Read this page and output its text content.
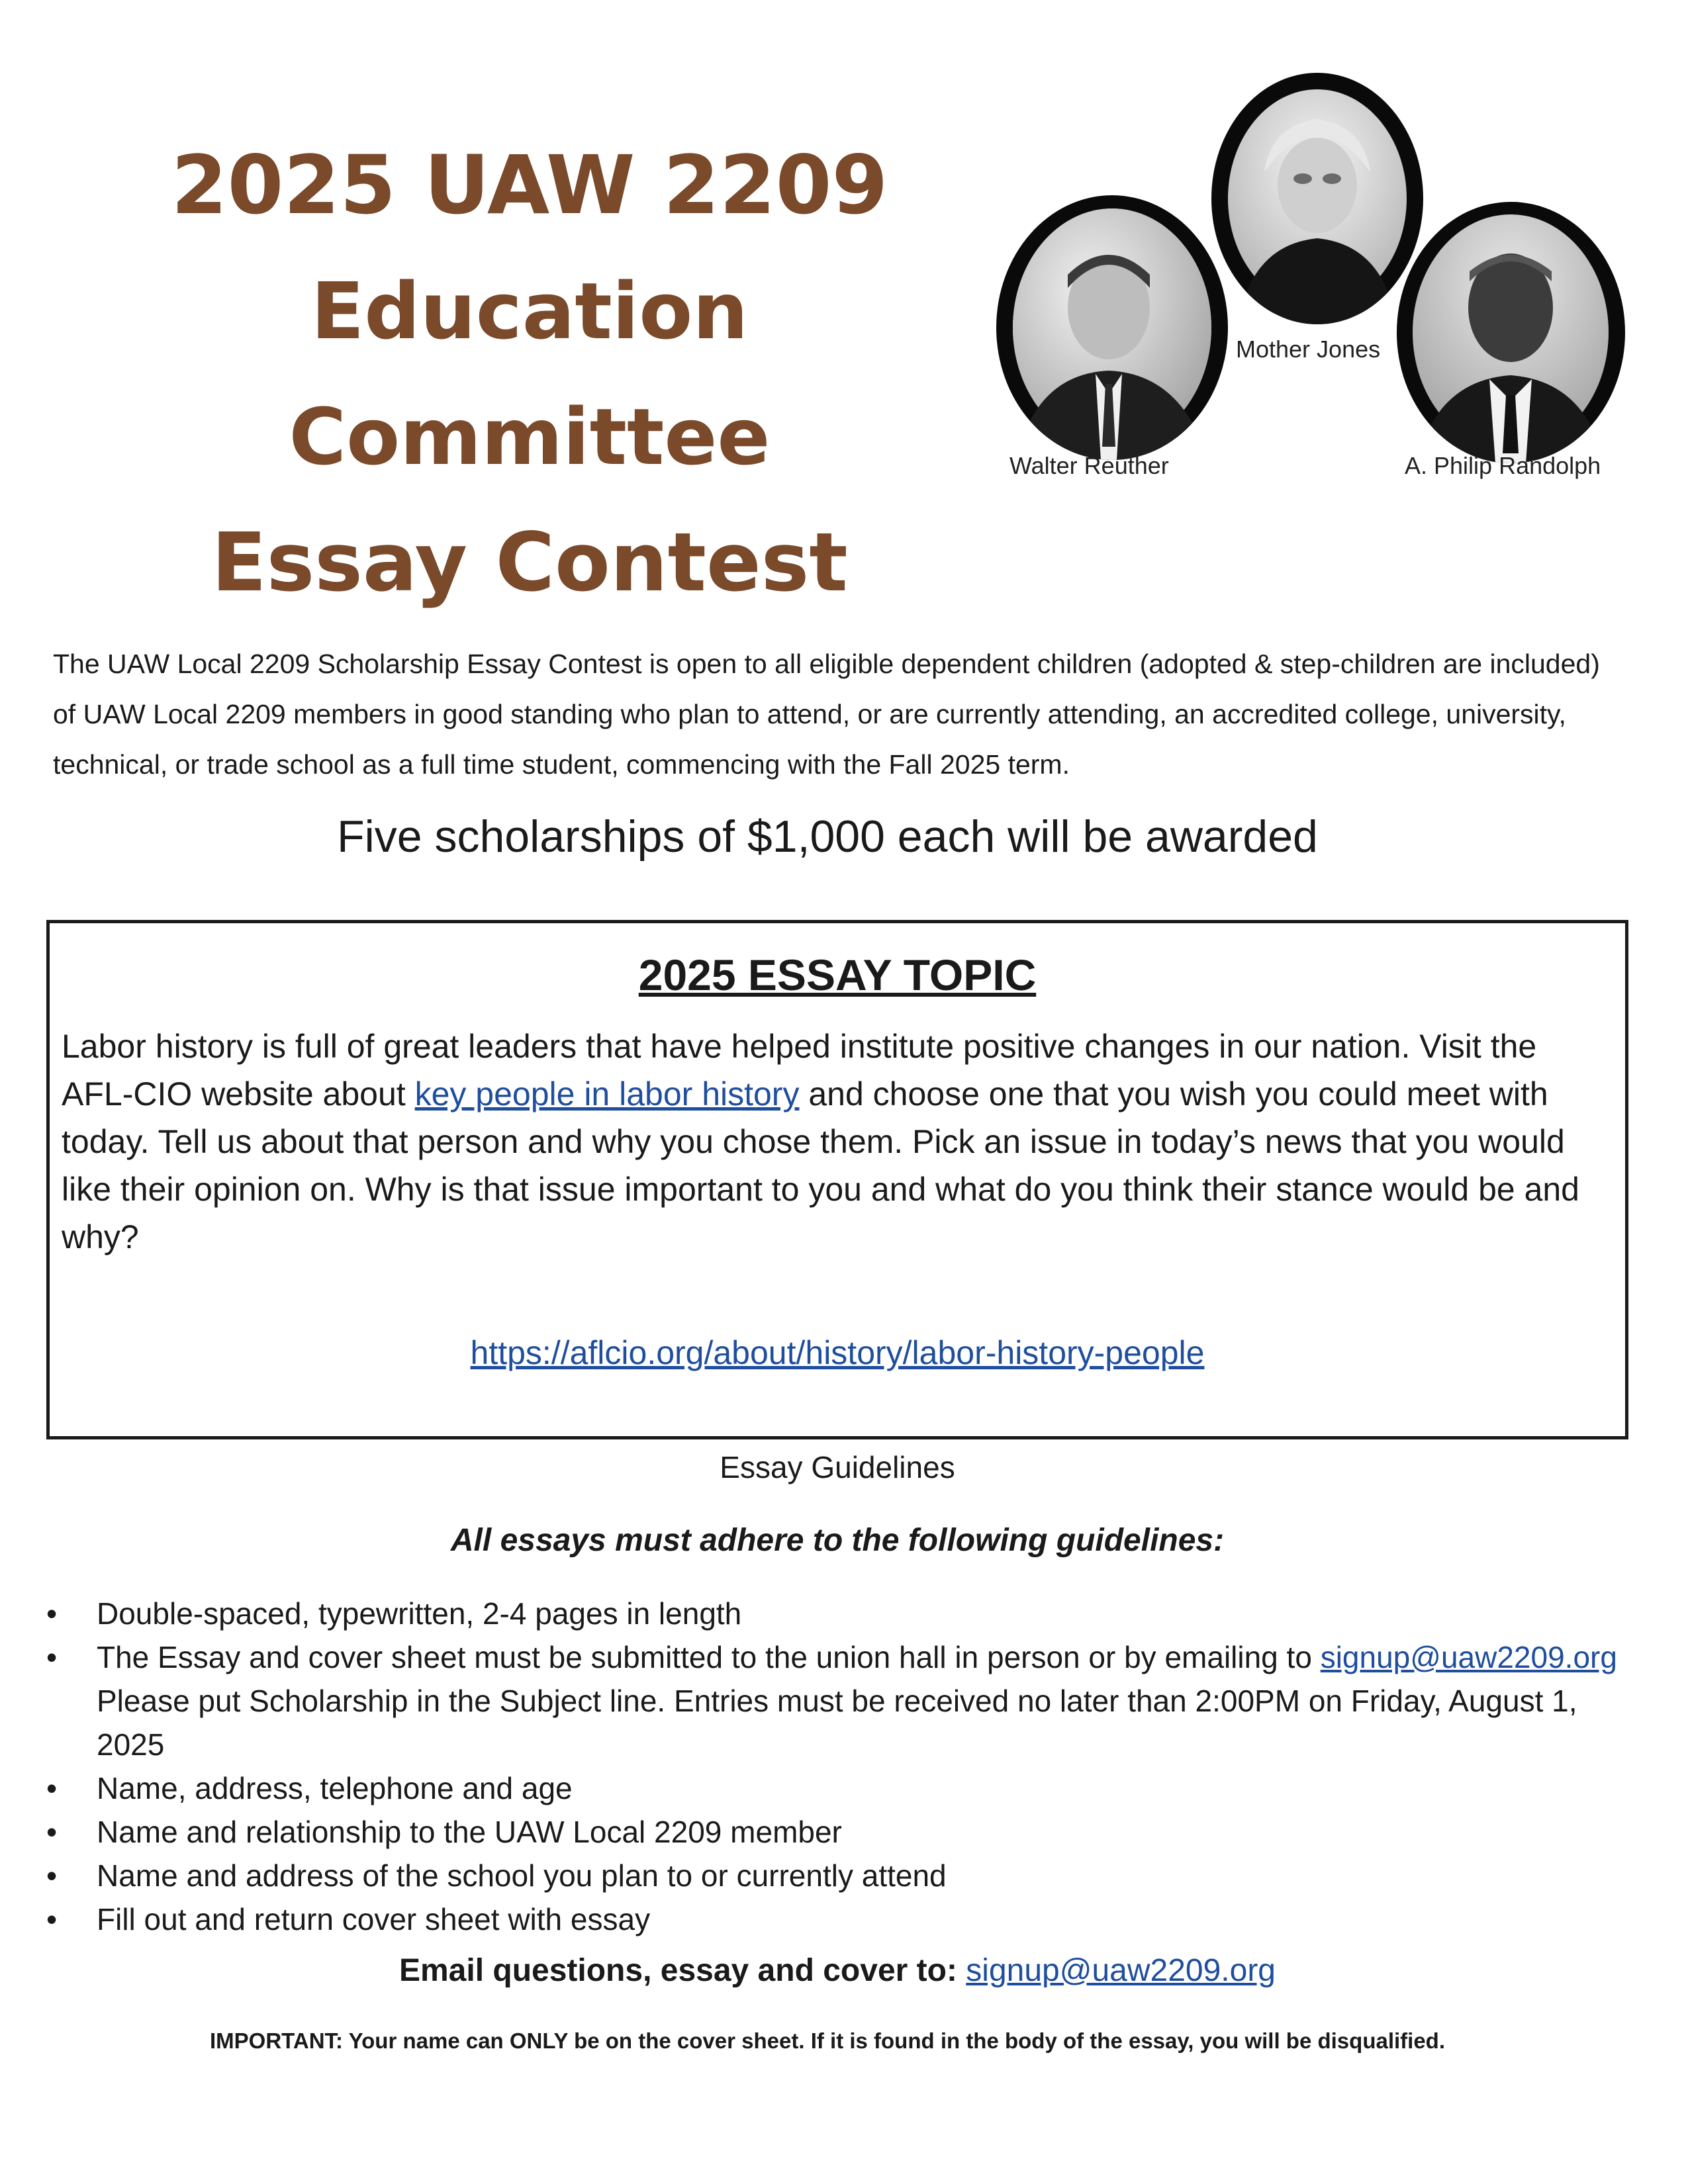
2025 UAW 2209
Education Committee
Essay Contest
Walter Reuther
Mother Jones
A. Philip Randolph

The UAW Local 2209 Scholarship Essay Contest is open to all eligible dependent children (adopted & step-children are included) of UAW Local 2209 members in good standing who plan to attend, or are currently attending, an accredited college, university, technical, or trade school as a full time student, commencing with the Fall 2025 term.

Five scholarships of $1,000 each will be awarded

2025 ESSAY TOPIC

Labor history is full of great leaders that have helped institute positive changes in our nation. Visit the AFL-CIO website about key people in labor history and choose one that you wish you could meet with today. Tell us about that person and why you chose them. Pick an issue in today’s news that you would like their opinion on. Why is that issue important to you and what do you think their stance would be and why?

https://aflcio.org/about/history/labor-history-people

Essay Guidelines

All essays must adhere to the following guidelines:

• Double-spaced, typewritten, 2-4 pages in length
• The Essay and cover sheet must be submitted to the union hall in person or by emailing to signup@uaw2209.org Please put Scholarship in the Subject line. Entries must be received no later than 2:00PM on Friday, August 1, 2025
• Name, address, telephone and age
• Name and relationship to the UAW Local 2209 member
• Name and address of the school you plan to or currently attend
• Fill out and return cover sheet with essay

Email questions, essay and cover to: signup@uaw2209.org

IMPORTANT: Your name can ONLY be on the cover sheet. If it is found in the body of the essay, you will be disqualified.
